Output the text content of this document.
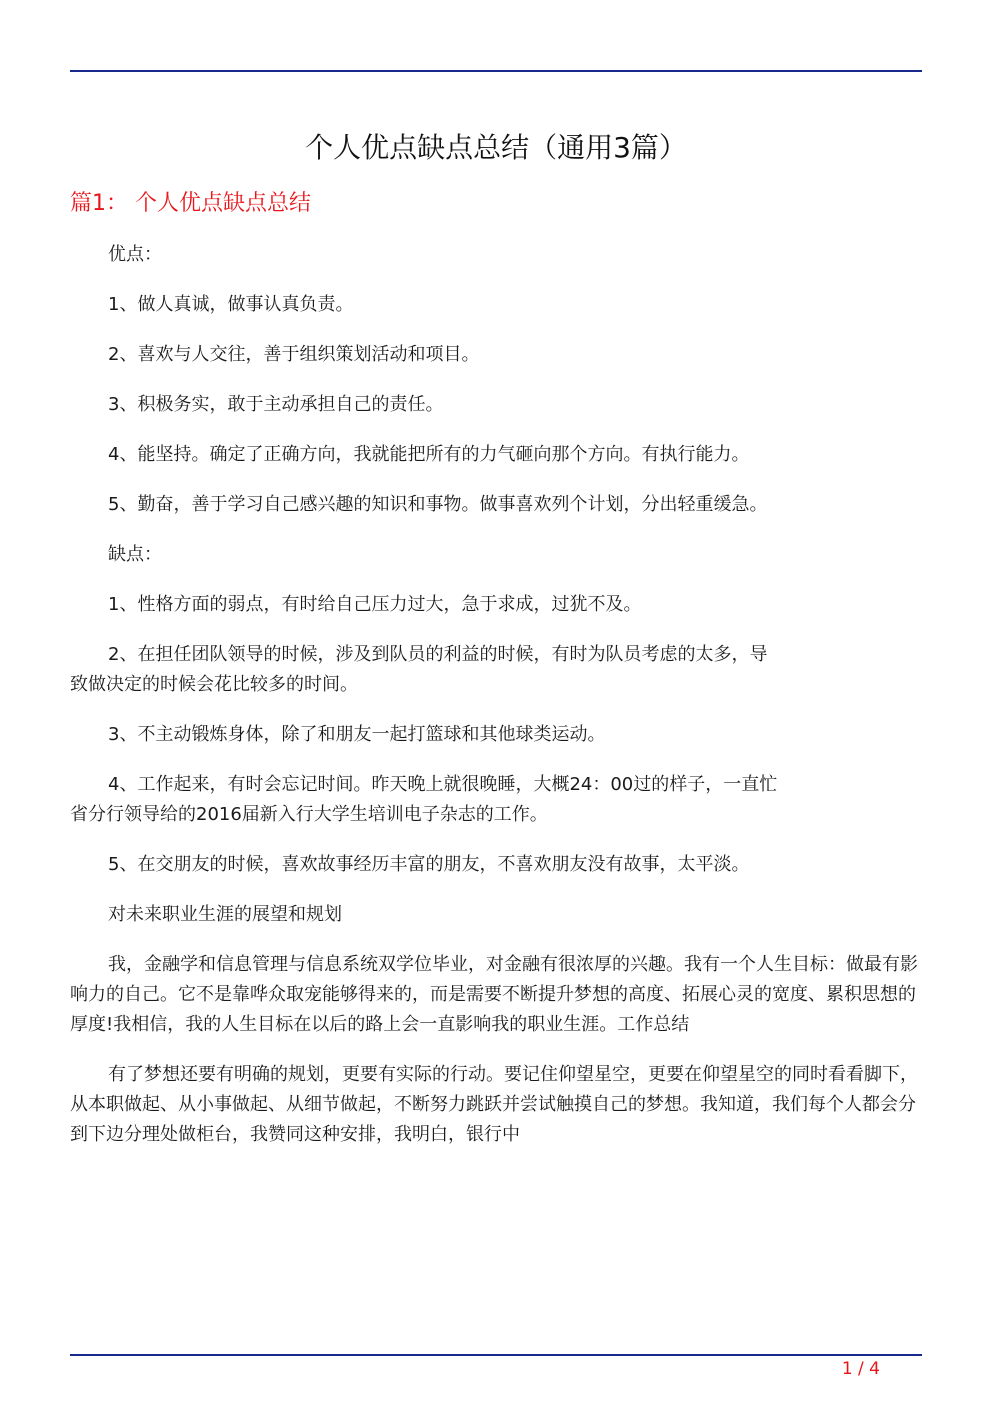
个人优点缺点总结（通用3篇）
篇1： 个人优点缺点总结

优点：

1、做人真诚，做事认真负责。

2、喜欢与人交往，善于组织策划活动和项目。

3、积极务实，敢于主动承担自己的责任。

4、能坚持。确定了正确方向，我就能把所有的力气砸向那个方向。有执行能力。

5、勤奋，善于学习自己感兴趣的知识和事物。做事喜欢列个计划，分出轻重缓急。

缺点：

1、性格方面的弱点，有时给自己压力过大，急于求成，过犹不及。

2、在担任团队领导的时候，涉及到队员的利益的时候，有时为队员考虑的太多，导致做决定的时候会花比较多的时间。

3、不主动锻炼身体，除了和朋友一起打篮球和其他球类运动。

4、工作起来，有时会忘记时间。昨天晚上就很晚睡，大概24：00过的样子，一直忙省分行领导给的2016届新入行大学生培训电子杂志的工作。

5、在交朋友的时候，喜欢故事经历丰富的朋友，不喜欢朋友没有故事，太平淡。

对未来职业生涯的展望和规划

我，金融学和信息管理与信息系统双学位毕业，对金融有很浓厚的兴趣。我有一个人生目标：做最有影响力的自己。它不是靠哗众取宠能够得来的，而是需要不断提升梦想的高度、拓展心灵的宽度、累积思想的厚度!我相信，我的人生目标在以后的路上会一直影响我的职业生涯。工作总结

有了梦想还要有明确的规划，更要有实际的行动。要记住仰望星空，更要在仰望星空的同时看看脚下，从本职做起、从小事做起、从细节做起，不断努力跳跃并尝试触摸自己的梦想。我知道，我们每个人都会分到下边分理处做柜台，我赞同这种安排，我明白，银行中

1 / 4
